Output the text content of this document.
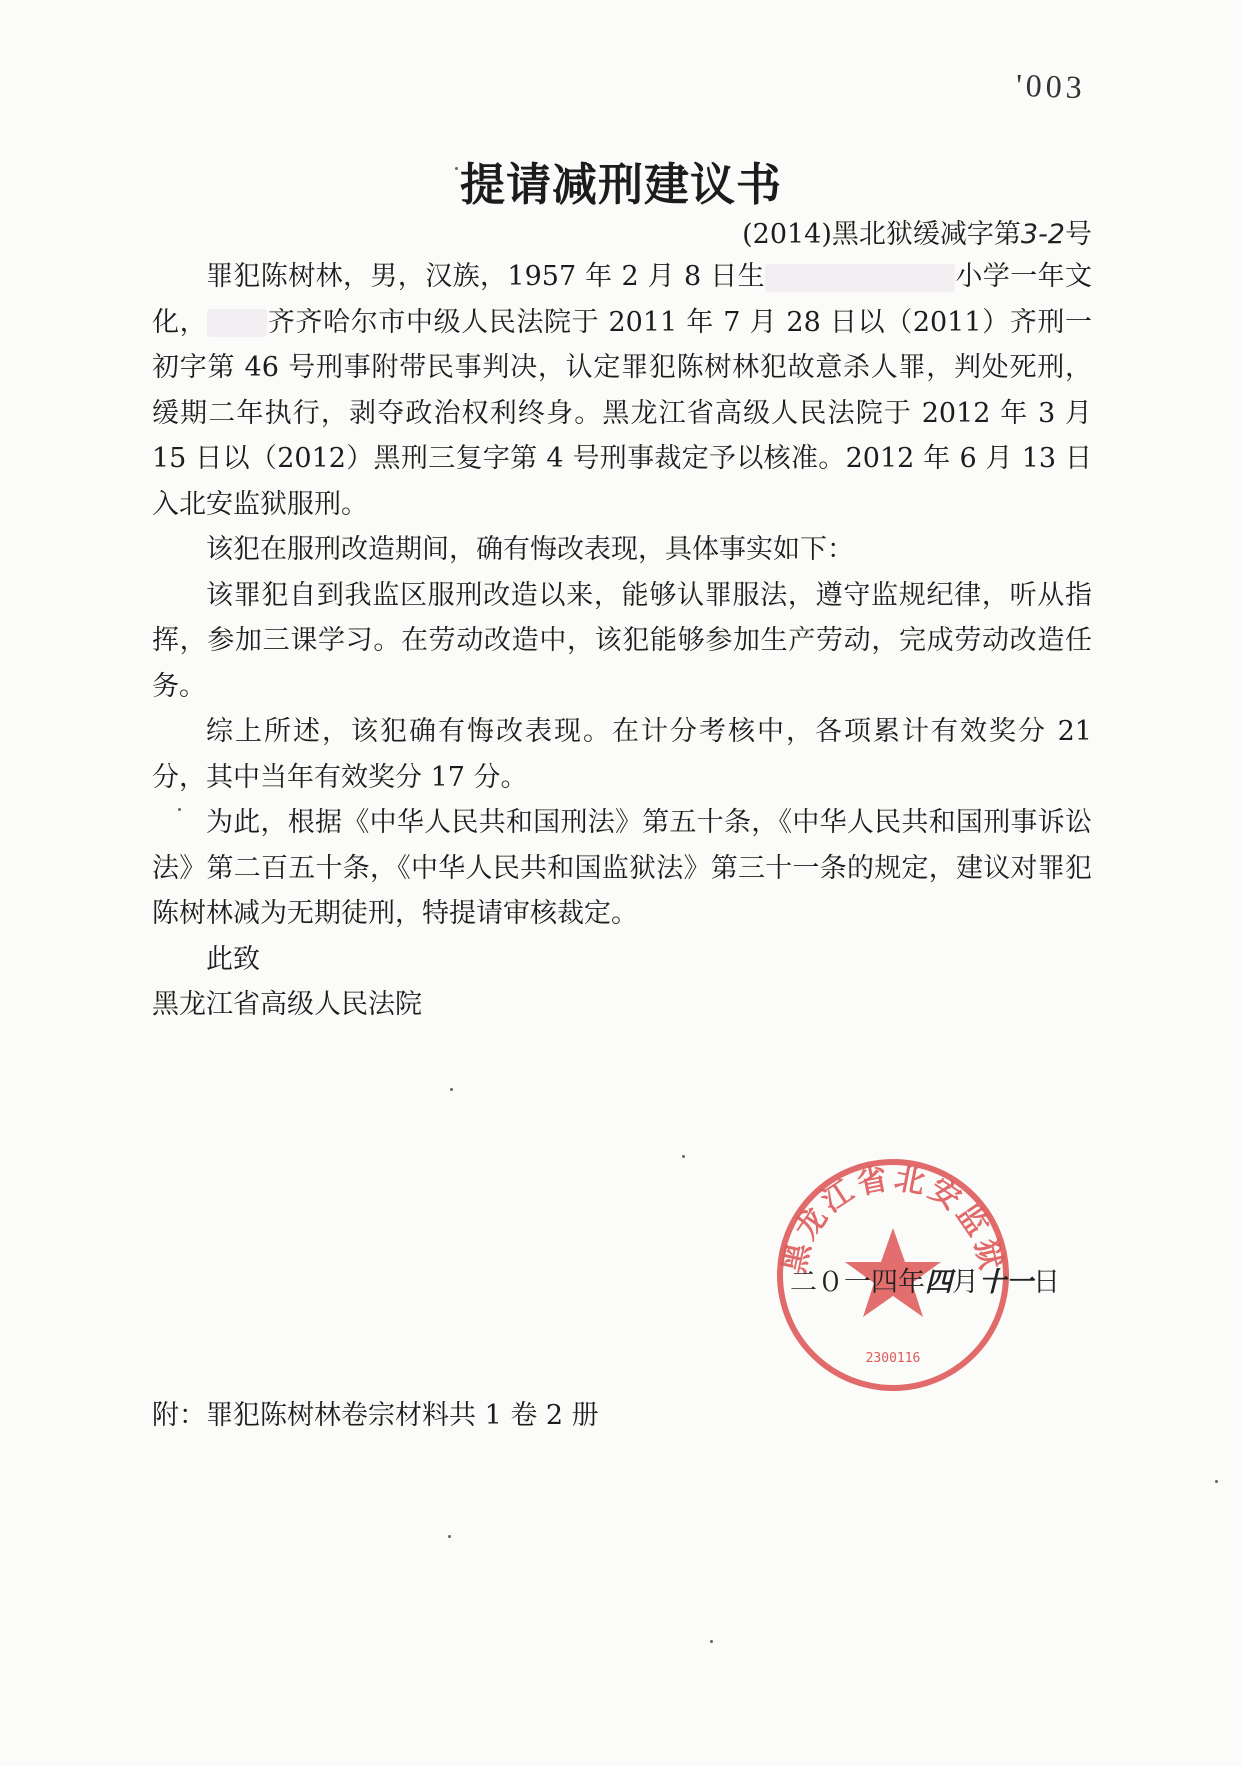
'003
提请减刑建议书
(2014)黑北狱缓减字第3-2号

罪犯陈树林，男，汉族，1957 年 2 月 8 日生	小学一年文化， 齐齐哈尔市中级人民法院于 2011 年 7 月 28 日以（2011）齐刑一初字第 46 号刑事附带民事判决，认定罪犯陈树林犯故意杀人罪，判处死刑，缓期二年执行，剥夺政治权利终身。黑龙江省高级人民法院于 2012 年 3 月 15 日以（2012）黑刑三复字第 4 号刑事裁定予以核准。2012 年 6 月 13 日入北安监狱服刑。

该犯在服刑改造期间，确有悔改表现，具体事实如下：

该罪犯自到我监区服刑改造以来，能够认罪服法，遵守监规纪律，听从指挥，参加三课学习。在劳动改造中，该犯能够参加生产劳动，完成劳动改造任务。

综上所述，该犯确有悔改表现。在计分考核中，各项累计有效奖分 21 分，其中当年有效奖分 17 分。

为此，根据《中华人民共和国刑法》第五十条，《中华人民共和国刑事诉讼法》第二百五十条，《中华人民共和国监狱法》第三十一条的规定，建议对罪犯陈树林减为无期徒刑，特提请审核裁定。

此致

黑龙江省高级人民法院

黑龙江省北安监狱
2300116
二０一四年四月十一日
附：罪犯陈树林卷宗材料共 1 卷 2 册
